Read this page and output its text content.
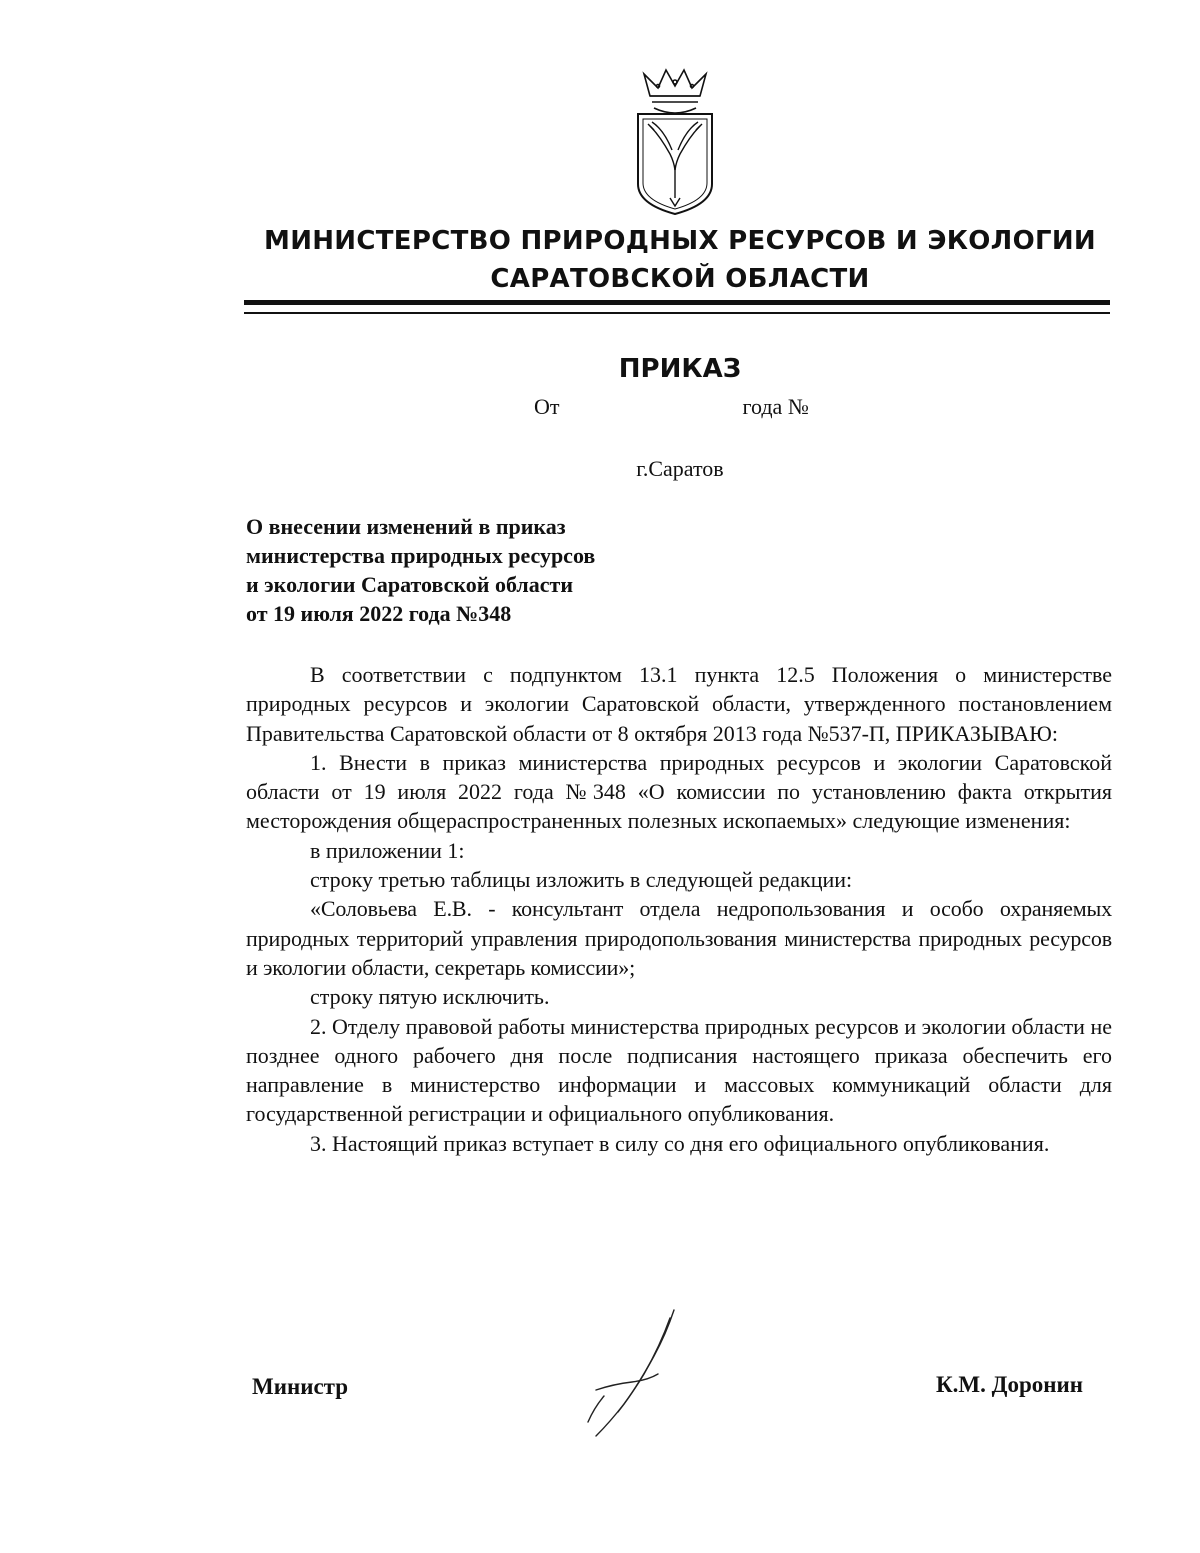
МИНИСТЕРСТВО ПРИРОДНЫХ РЕСУРСОВ И ЭКОЛОГИИ
САРАТОВСКОЙ ОБЛАСТИ
ПРИКАЗ
От	года №
г.Саратов
О внесении изменений в приказ
министерства природных ресурсов
и экологии Саратовской области
от 19 июля 2022 года №348

В соответствии с подпунктом 13.1 пункта 12.5 Положения о министерстве природных ресурсов и экологии Саратовской области, утвержденного постановлением Правительства Саратовской области от 8 октября 2013 года №537-П, ПРИКАЗЫВАЮ:

1. Внести в приказ министерства природных ресурсов и экологии Саратовской области от 19 июля 2022 года №348 «О комиссии по установлению факта открытия месторождения общераспространенных полезных ископаемых» следующие изменения:

в приложении 1:

строку третью таблицы изложить в следующей редакции:

«Соловьева Е.В. - консультант отдела недропользования и особо охраняемых природных территорий управления природопользования министерства природных ресурсов и экологии области, секретарь комиссии»;

строку пятую исключить.

2. Отделу правовой работы министерства природных ресурсов и экологии области не позднее одного рабочего дня после подписания настоящего приказа обеспечить его направление в министерство информации и массовых коммуникаций области для государственной регистрации и официального опубликования.

3. Настоящий приказ вступает в силу со дня его официального опубликования.

Министр	К.М. Доронин
